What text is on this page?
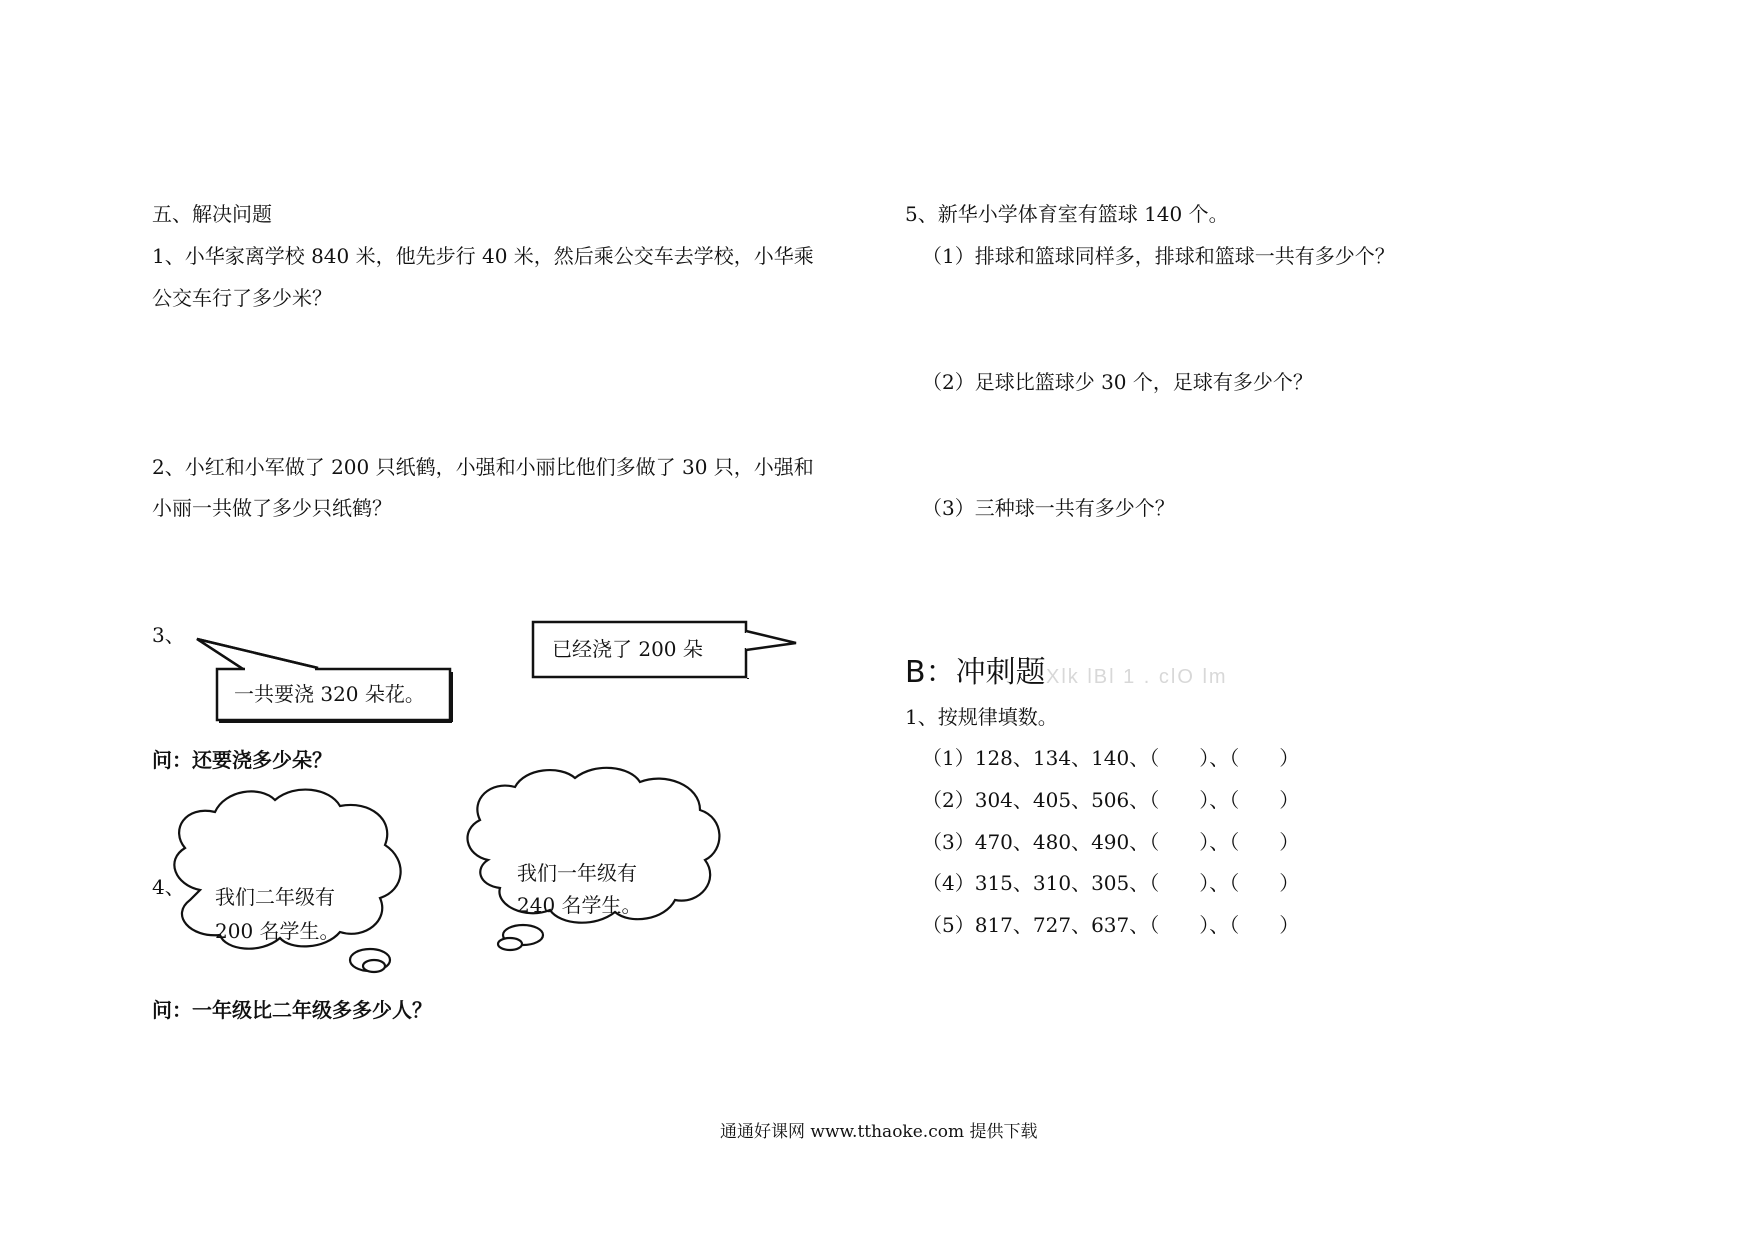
五、解决问题
1、小华家离学校 840 米，他先步行 40 米，然后乘公交车去学校，小华乘
公交车行了多少米？
2、小红和小军做了 200 只纸鹤，小强和小丽比他们多做了 30 只，小强和
小丽一共做了多少只纸鹤？
3、
一共要浇 320 朵花。
已经浇了 200 朵
问：还要浇多少朵？
4、 我们二年级有
200 名学生。
我们一年级有
240 名学生。
问：一年级比二年级多多少人？
5、新华小学体育室有篮球 140 个。
（1）排球和篮球同样多，排球和篮球一共有多少个？
（2）足球比篮球少 30 个，足球有多少个？
（3）三种球一共有多少个？
B：冲刺题 Xlk lBl 1 . clO lm
1、按规律填数。
（1）128、134、140、（　　）、（　　）
（2）304、405、506、（　　）、（　　）
（3）470、480、490、（　　）、（　　）
（4）315、310、305、（　　）、（　　）
（5）817、727、637、（　　）、（　　）
通通好课网 www.tthaoke.com 提供下载
